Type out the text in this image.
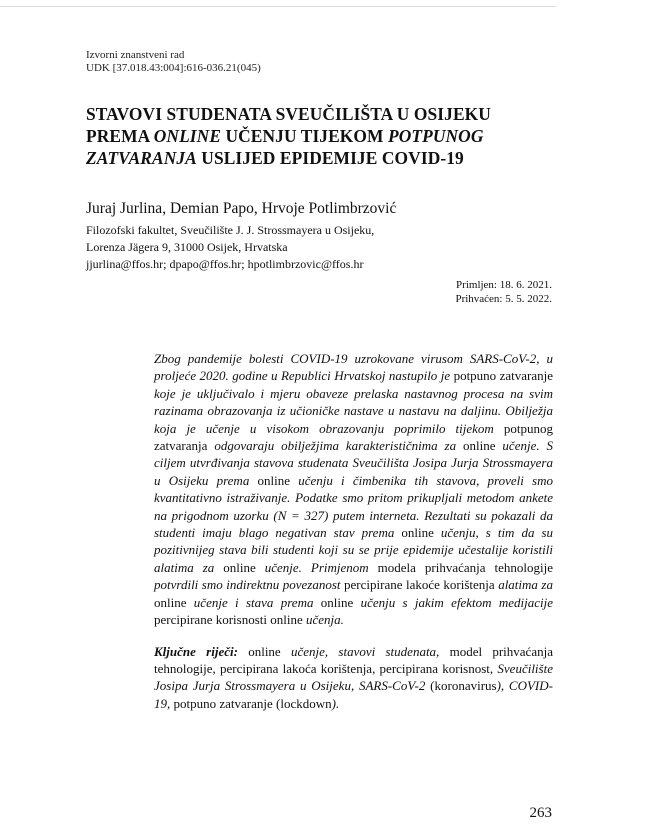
Izvorni znanstveni rad
UDK [37.018.43:004]:616-036.21(045)
STAVOVI STUDENATA SVEUČILIŠTA U OSIJEKU
PREMA ONLINE UČENJU TIJEKOM POTPUNOG
ZATVARANJA USLIJED EPIDEMIJE COVID-19
Juraj Jurlina, Demian Papo, Hrvoje Potlimbrzović
Filozofski fakultet, Sveučilište J. J. Strossmayera u Osijeku,
Lorenza Jägera 9, 31000 Osijek, Hrvatska
jjurlina@ffos.hr; dpapo@ffos.hr; hpotlimbrzovic@ffos.hr
Primljen: 18. 6. 2021.
Prihvaćen: 5. 5. 2022.

Zbog pandemije bolesti COVID-19 uzrokovane virusom SARS-CoV-2, u proljeće 2020. godine u Republici Hrvatskoj nastupilo je potpuno zatvaranje koje je uključivalo i mjeru obaveze prelaska nastavnog procesa na svim razinama obrazovanja iz učioničke nastave u nastavu na daljinu. Obilježja koja je učenje u visokom obrazovanju poprimilo tijekom potpunog zatvaranja odgovaraju obilježjima karakterističnima za online učenje. S ciljem utvrđivanja stavova studenata Sveučilišta Josipa Jurja Strossmayera u Osijeku prema online učenju i čimbenika tih stavova, proveli smo kvantitativno istraživanje. Podatke smo pritom prikupljali metodom ankete na prigodnom uzorku (N = 327) putem interneta. Rezultati su pokazali da studenti imaju blago negativan stav prema online učenju, s tim da su pozitivnijeg stava bili studenti koji su se prije epidemije učestalije koristili alatima za online učenje. Primjenom modela prihvaćanja tehnologije potvrdili smo indirektnu povezanost percipirane lakoće korištenja alatima za online učenje i stava prema online učenju s jakim efektom medijacije percipirane korisnosti online učenja.

Ključne riječi: online učenje, stavovi studenata, model prihvaćanja tehnologije, percipirana lakoća korištenja, percipirana korisnost, Sveučilište Josipa Jurja Strossmayera u Osijeku, SARS-CoV-2 (koronavirus), COVID-19, potpuno zatvaranje (lockdown).

263
